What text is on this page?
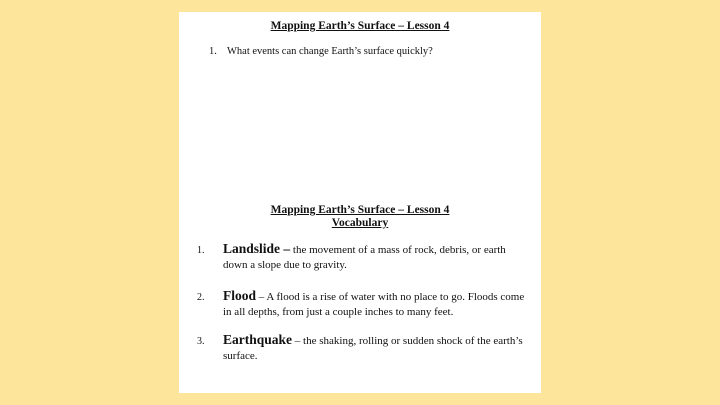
Mapping Earth’s Surface – Lesson 4
1. What events can change Earth’s surface quickly?
Mapping Earth’s Surface – Lesson 4
Vocabulary
1. Landslide – the movement of a mass of rock, debris, or earth down a slope due to gravity.
2. Flood – A flood is a rise of water with no place to go. Floods come in all depths, from just a couple inches to many feet.
3. Earthquake – the shaking, rolling or sudden shock of the earth’s surface.
